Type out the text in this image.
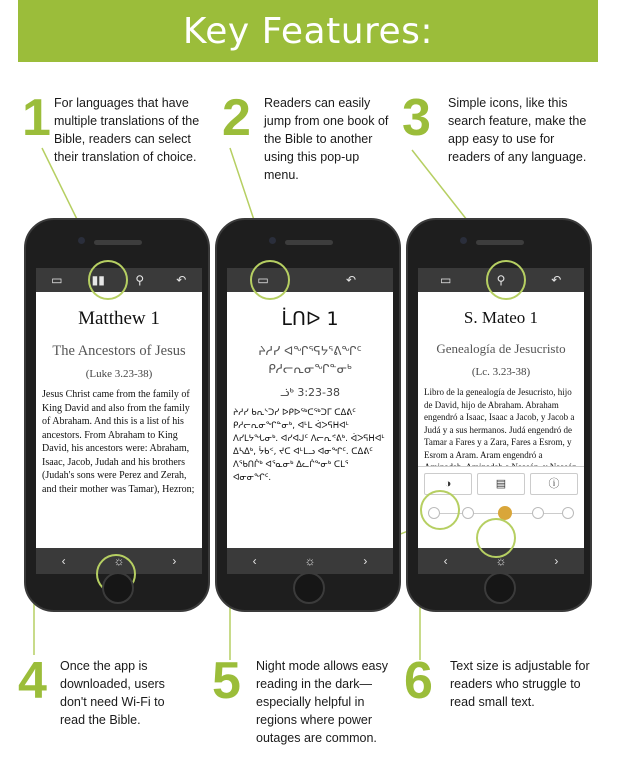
Key Features:
1 For languages that have multiple translations of the Bible, readers can select their translation of choice.
2 Readers can easily jump from one book of the Bible to another using this pop-up menu.
3 Simple icons, like this search feature, make the app easy to use for readers of any language.
▭	▮▮	⚲	↶
Matthew 1
The Ancestors of Jesus
(Luke 3.23-38)
Jesus Christ came from the family of King David and also from the family of Abraham. And this is a list of his ancestors. From Abraham to King David, his ancestors were: Abraham, Isaac, Jacob, Judah and his brothers (Judah's sons were Perez and Zerah, and their mother was Tamar), Hezron;
‹	☼	›
▭	↶
ᒫᑎᐅ 1
ᔨᓱᓯ ᐊᖏᕐᕋᔭᕐᕕᖏᑦ ᑭᓱᓕᕆᓂᖏᓐᓂᒃ
ᓘᒃ 3:23-38
ᔨᓱᓯ ᑲᕆᔅᑐᓯ ᐅᑭᐅᖅᑕᖅᑐᒥ ᑕᐃᕕᑦ ᑭᓱᓕᕆᓂᖏᓐᓂᒃ, ᐊᒻᒪ ᐋᐳᕋᕼᐊᒻ ᐱᓯᒪᔭᖓᓂᒃ. ᐊᓯᐊᒍᑦ ᐱᓕᕆᕝᕕᒃ. ᐋᐳᕋᕼᐊᒻ ᐃᓴᐃᒃ, ᔮᑲᑉ, ᔪᑕ ᐊᒻᒪᓗ ᐊᓂᖏᑦ. ᑕᐃᕕᑦ ᐱᖃᑎᒌᒃ ᐊᕐᓇᓂᒃ ᐃᓚᒌᖕᓂᒃ ᑕᒪᕐ ᐊᓂᓂᖏᑦ.
‹	☼	›
▭	⚲	↶
S. Mateo 1
Genealogía de Jesucristo
(Lc. 3.23-38)
Libro de la genealogía de Jesucristo, hijo de David, hijo de Abraham. Abraham engendró a Isaac, Isaac a Jacob, y Jacob a Judá y a sus hermanos. Judá engendró de Tamar a Fares y a Zara, Fares a Esrom, y Esrom a Aram. Aram engendró a
◑	▤	ⓘ
‹	☼	›
4 Once the app is downloaded, users don't need Wi-Fi to read the Bible.
5 Night mode allows easy reading in the dark—especially helpful in regions where power outages are common.
6 Text size is adjustable for readers who struggle to read small text.
